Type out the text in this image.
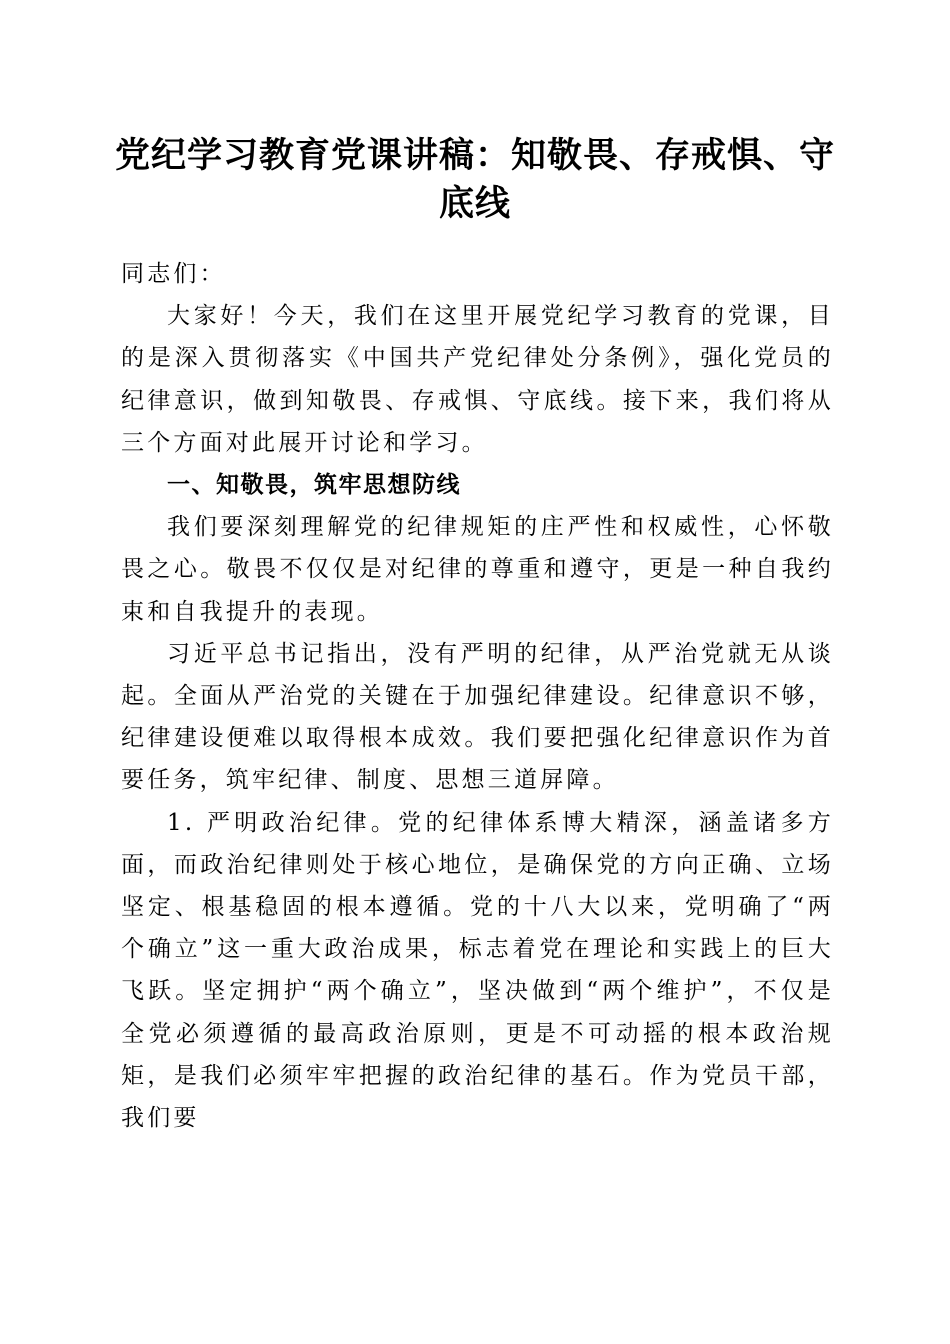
党纪学习教育党课讲稿：知敬畏、存戒惧、守底线

同志们：

大家好！今天，我们在这里开展党纪学习教育的党课，目的是深入贯彻落实《中国共产党纪律处分条例》，强化党员的纪律意识，做到知敬畏、存戒惧、守底线。接下来，我们将从三个方面对此展开讨论和学习。

一、知敬畏，筑牢思想防线

我们要深刻理解党的纪律规矩的庄严性和权威性，心怀敬畏之心。敬畏不仅仅是对纪律的尊重和遵守，更是一种自我约束和自我提升的表现。

习近平总书记指出，没有严明的纪律，从严治党就无从谈起。全面从严治党的关键在于加强纪律建设。纪律意识不够，纪律建设便难以取得根本成效。我们要把强化纪律意识作为首要任务，筑牢纪律、制度、思想三道屏障。

1. 严明政治纪律。党的纪律体系博大精深，涵盖诸多方面，而政治纪律则处于核心地位，是确保党的方向正确、立场坚定、根基稳固的根本遵循。党的十八大以来，党明确了“两个确立”这一重大政治成果，标志着党在理论和实践上的巨大飞跃。坚定拥护“两个确立”，坚决做到“两个维护”，不仅是全党必须遵循的最高政治原则，更是不可动摇的根本政治规矩，是我们必须牢牢把握的政治纪律的基石。作为党员干部，我们要
